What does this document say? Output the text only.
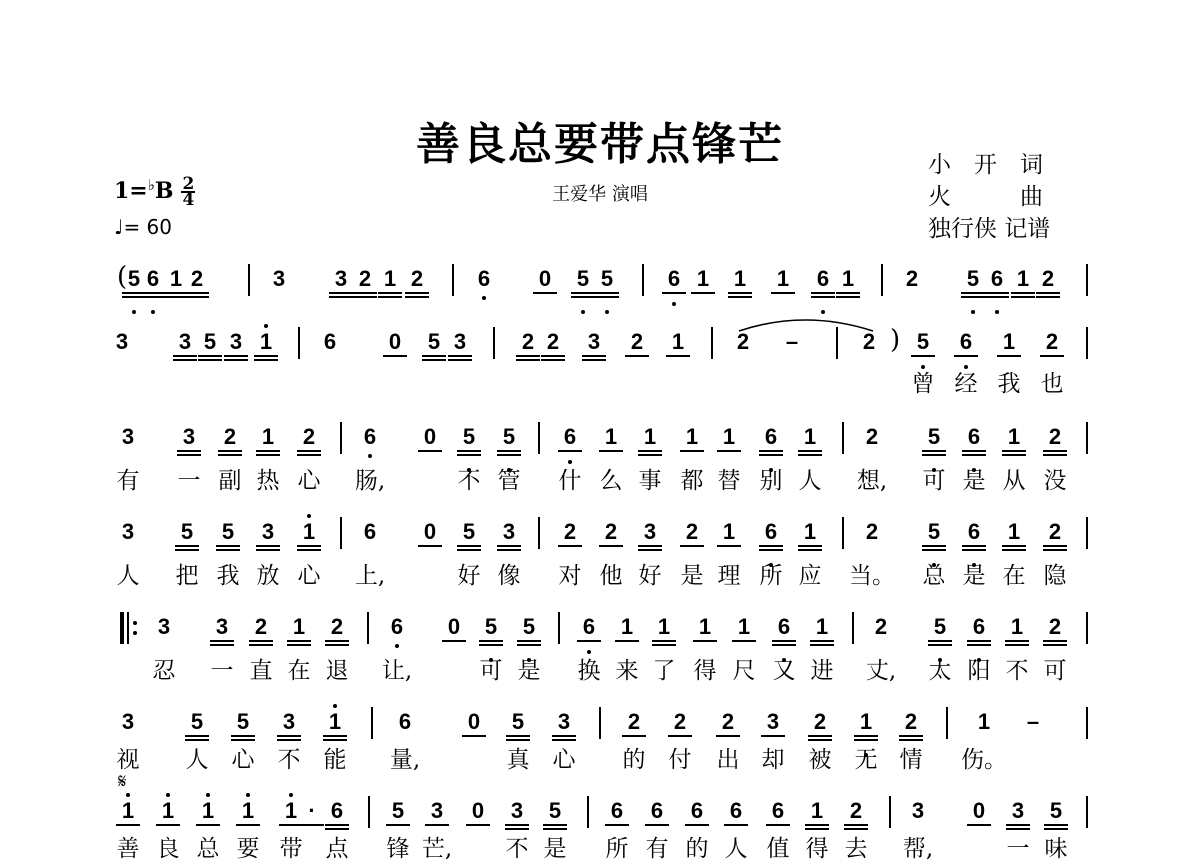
善良总要带点锋芒
王爱华 演唱
小　开　词
火　　　曲
独行侠 记谱
$1=^♭B \frac{2}{4}$
♩= 60
5 6 1 2	3 3 2 1 2 6 0 5 5 6 1 1 1 6 1 2 5 6 1 2
(
3 3 5 3 1 6 0 5 3	2 2 3 2 1 2 –	2 5 6 1 2
曾 经 我 也
)
3 3 2 1 2 6 0 5 5 6 1 1 1 1 6 1 2 5 6 1 2
有 一 副 热 心 肠,	不 管 什 么 事 都 替 别 人 想, 可 是 从 没
3 5 5 3 1 6 0 5 3 2 2 3 2 1 6 1 2 5 6 1 2
人 把 我 放 心 上,	好 像 对 他 好 是 理 所 应 当。 总 是 在 隐
3 3 2 1 2 6 0 5 5 6 1 1 1 1 6 1 2 5 6 1 2
忍 一 直 在 退 让,	可 是 换 来 了 得 尺 又 进 丈, 太 阳 不 可
3	5 5 3 1	6	0 5 3	2 2 2 3 2 1 2	1 –
视 人 心 不 能 量,	真 心 的 付 出 却 被 无 情 伤。
𝄋
1 1 1 1 1 · 6 5 3 0 3 5 6 6 6 6 6 1 2 3 0 3 5
善 良 总 要 带 点 锋 芒, 不 是 所 有 的 人 值 得 去 帮,	一 味
